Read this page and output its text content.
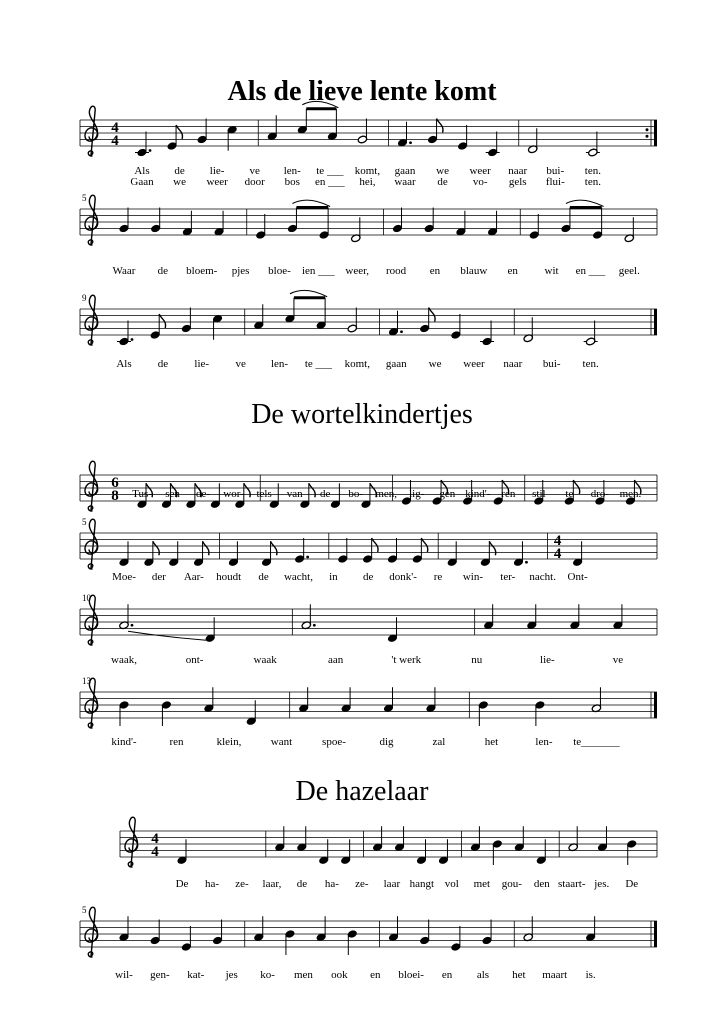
Als de lieve lente komt
4
4
Als de lie- ve len- te ___ komt, gaan we weer naar bui- ten.
Gaan we weer door bos en ___ hei, waar de vo- gels flui- ten.
5
Waar de bloem- pjes bloe- ien ___ weer, rood en blauw en wit en ___ geel.
9
Als de lie- ve len- te ___ komt, gaan we weer naar bui- ten.
De wortelkindertjes
6
8 Tus- sen de- wor- tels van de bo- men, lig- gen kind'- ren stil te dro- men.
5
4
4
Moe- der Aar- houdt de wacht, in de donk'- re win- ter- nacht. Ont-
10
waak,	ont-	waak	aan	't werk	nu	lie-	ve
13
kind'-	ren	klein,	want	spoe-	dig	zal	het	len- te_______
De hazelaar
4
4
De ha- ze- laar, de ha- ze- laar hangt vol met gou- den staart- jes. De
5
wil- gen- kat- jes ko- men ook en bloei- en als het maart is.
